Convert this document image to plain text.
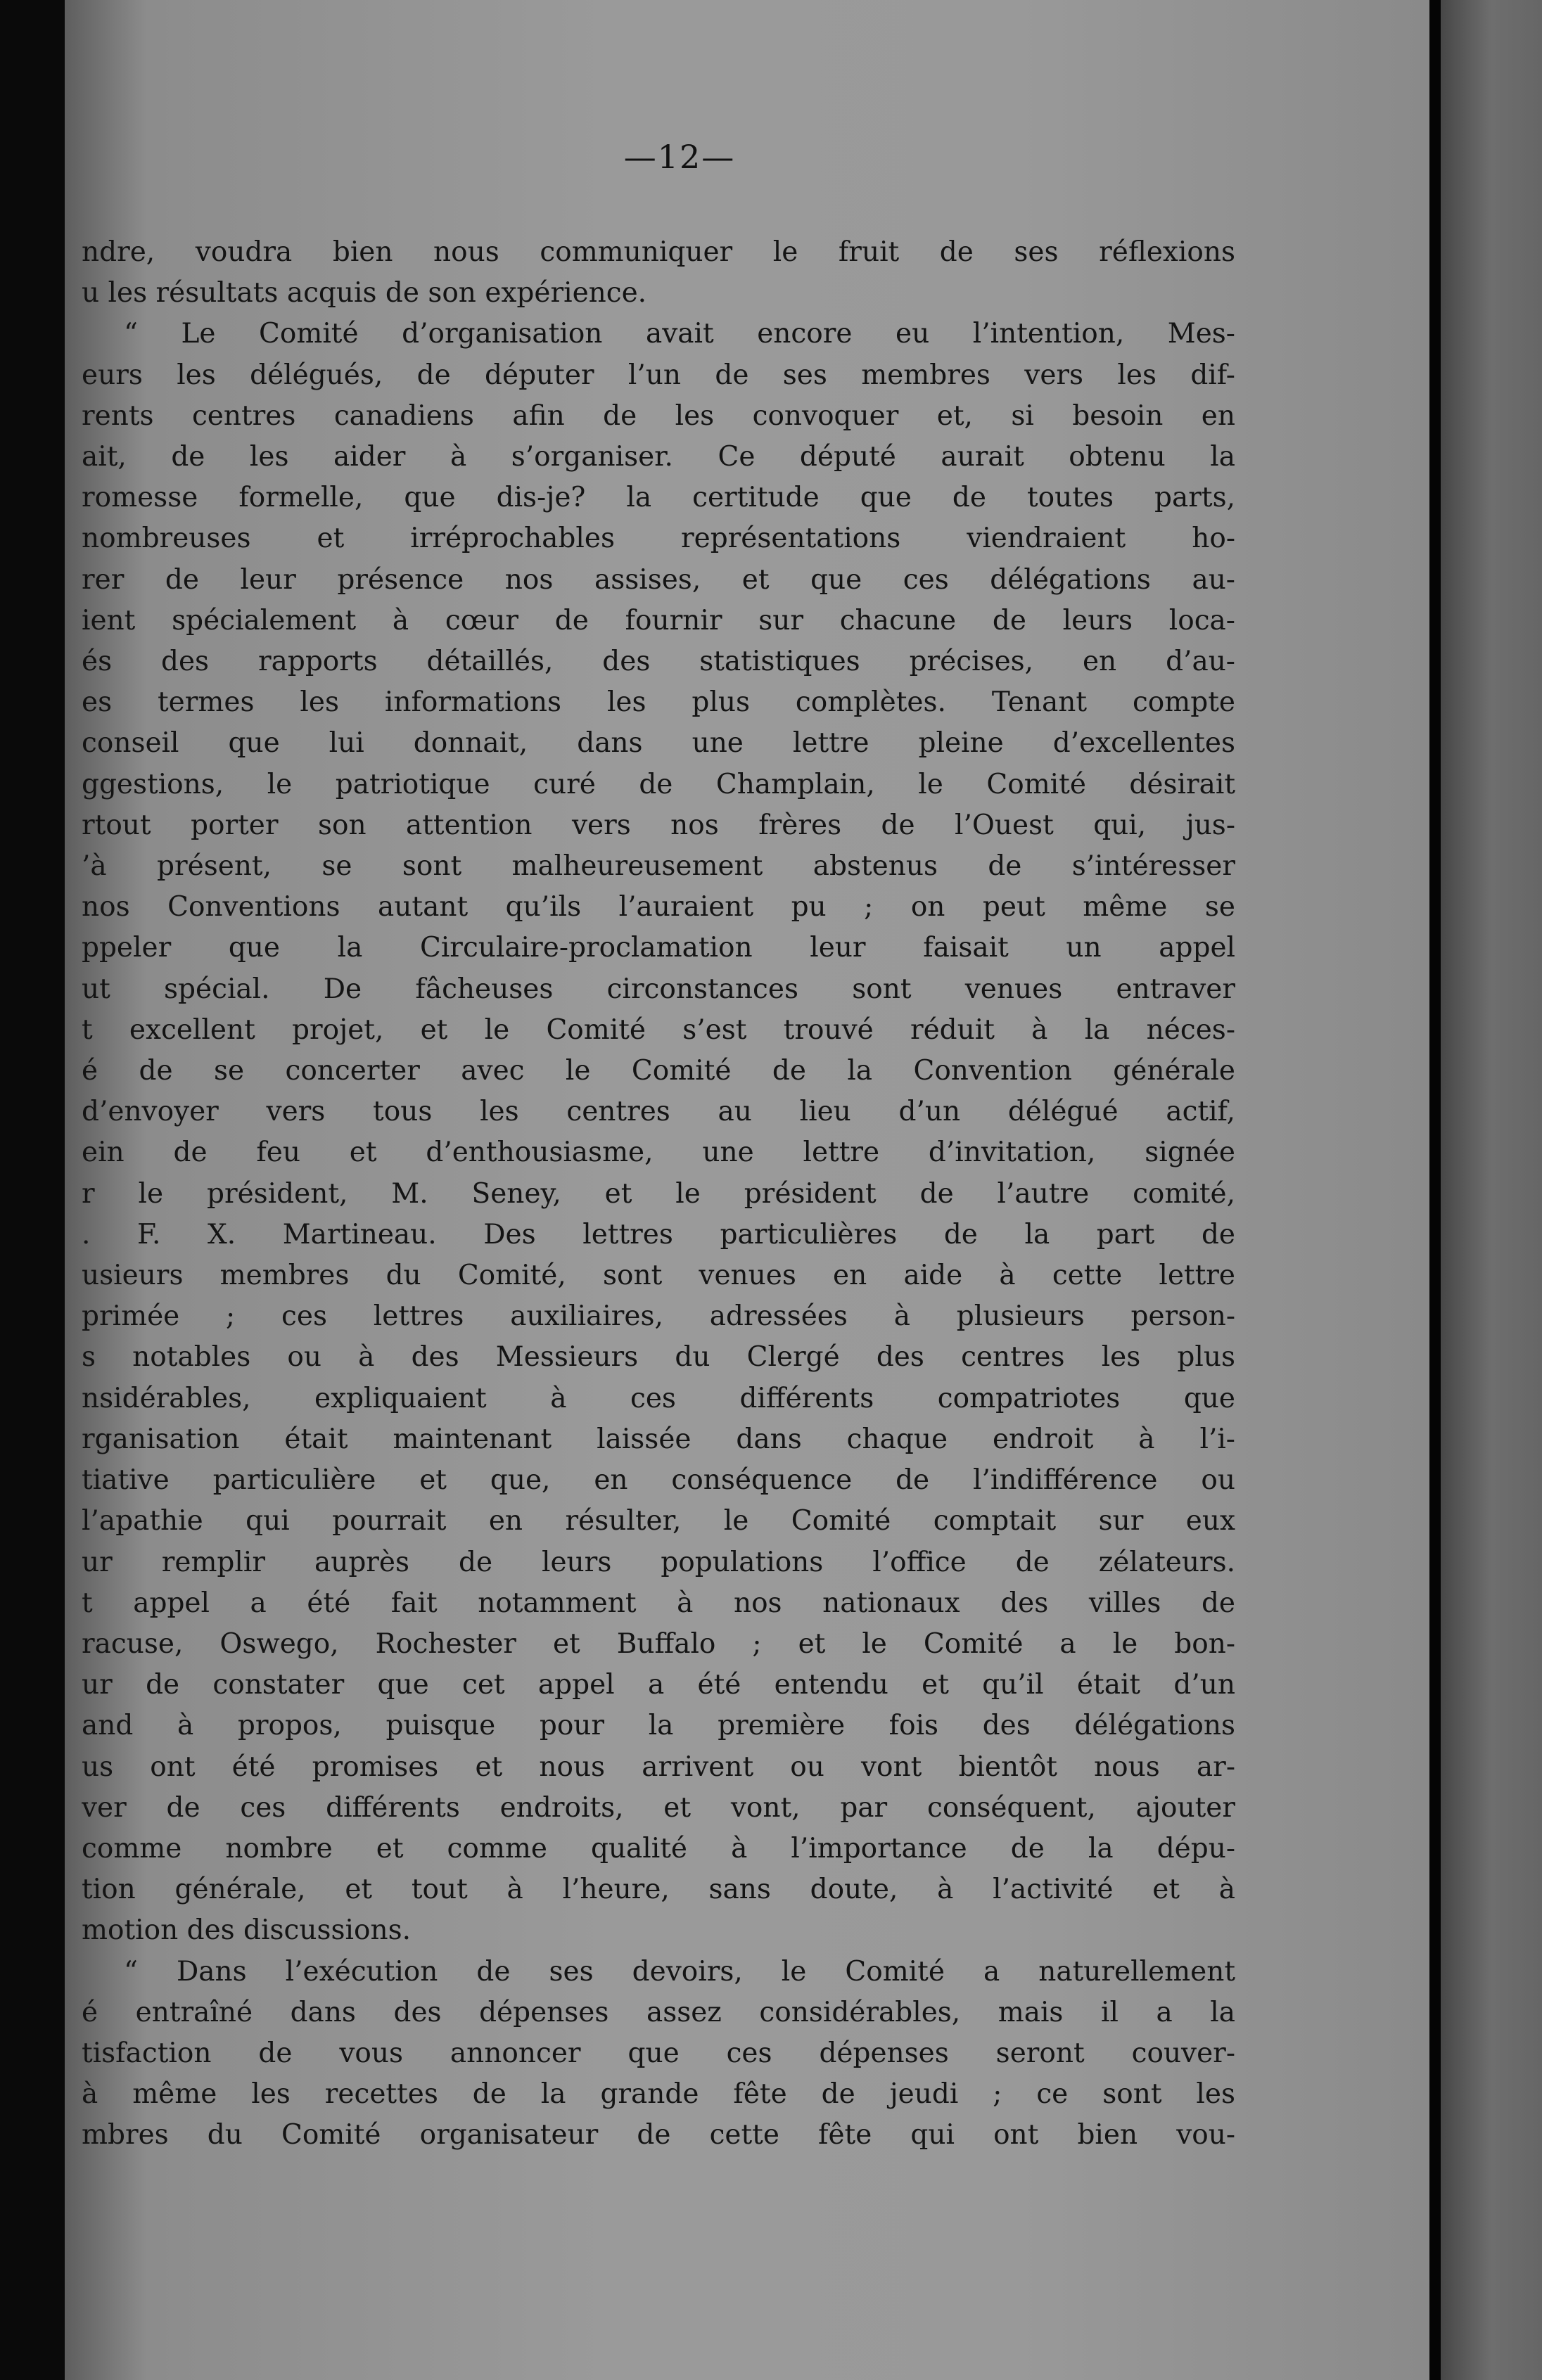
—12—
ndre, voudra bien nous communiquer le fruit de ses réflexions
u les résultats acquis de son expérience.
“ Le Comité d’organisation avait encore eu l’intention, Mes-
eurs les délégués, de députer l’un de ses membres vers les dif-
rents centres canadiens afin de les convoquer et, si besoin en
ait, de les aider à s’organiser. Ce député aurait obtenu la
romesse formelle, que dis-je? la certitude que de toutes parts,
nombreuses et irréprochables représentations viendraient ho-
rer de leur présence nos assises, et que ces délégations au-
ient spécialement à cœur de fournir sur chacune de leurs loca-
és des rapports détaillés, des statistiques précises, en d’au-
es termes les informations les plus complètes. Tenant compte
conseil que lui donnait, dans une lettre pleine d’excellentes
ggestions, le patriotique curé de Champlain, le Comité désirait
rtout porter son attention vers nos frères de l’Ouest qui, jus-
’à présent, se sont malheureusement abstenus de s’intéresser
nos Conventions autant qu’ils l’auraient pu ; on peut même se
ppeler que la Circulaire-proclamation leur faisait un appel
ut spécial. De fâcheuses circonstances sont venues entraver
t excellent projet, et le Comité s’est trouvé réduit à la néces-
é de se concerter avec le Comité de la Convention générale
d’envoyer vers tous les centres au lieu d’un délégué actif,
ein de feu et d’enthousiasme, une lettre d’invitation, signée
r le président, M. Seney, et le président de l’autre comité,
. F. X. Martineau. Des lettres particulières de la part de
usieurs membres du Comité, sont venues en aide à cette lettre
primée ; ces lettres auxiliaires, adressées à plusieurs person-
s notables ou à des Messieurs du Clergé des centres les plus
nsidérables, expliquaient à ces différents compatriotes que
rganisation était maintenant laissée dans chaque endroit à l’i-
tiative particulière et que, en conséquence de l’indifférence ou
l’apathie qui pourrait en résulter, le Comité comptait sur eux
ur remplir auprès de leurs populations l’office de zélateurs.
t appel a été fait notamment à nos nationaux des villes de
racuse, Oswego, Rochester et Buffalo ; et le Comité a le bon-
ur de constater que cet appel a été entendu et qu’il était d’un
and à propos, puisque pour la première fois des délégations
us ont été promises et nous arrivent ou vont bientôt nous ar-
ver de ces différents endroits, et vont, par conséquent, ajouter
comme nombre et comme qualité à l’importance de la dépu-
tion générale, et tout à l’heure, sans doute, à l’activité et à
motion des discussions.
“ Dans l’exécution de ses devoirs, le Comité a naturellement
é entraîné dans des dépenses assez considérables, mais il a la
tisfaction de vous annoncer que ces dépenses seront couver-
à même les recettes de la grande fête de jeudi ; ce sont les
mbres du Comité organisateur de cette fête qui ont bien vou-
